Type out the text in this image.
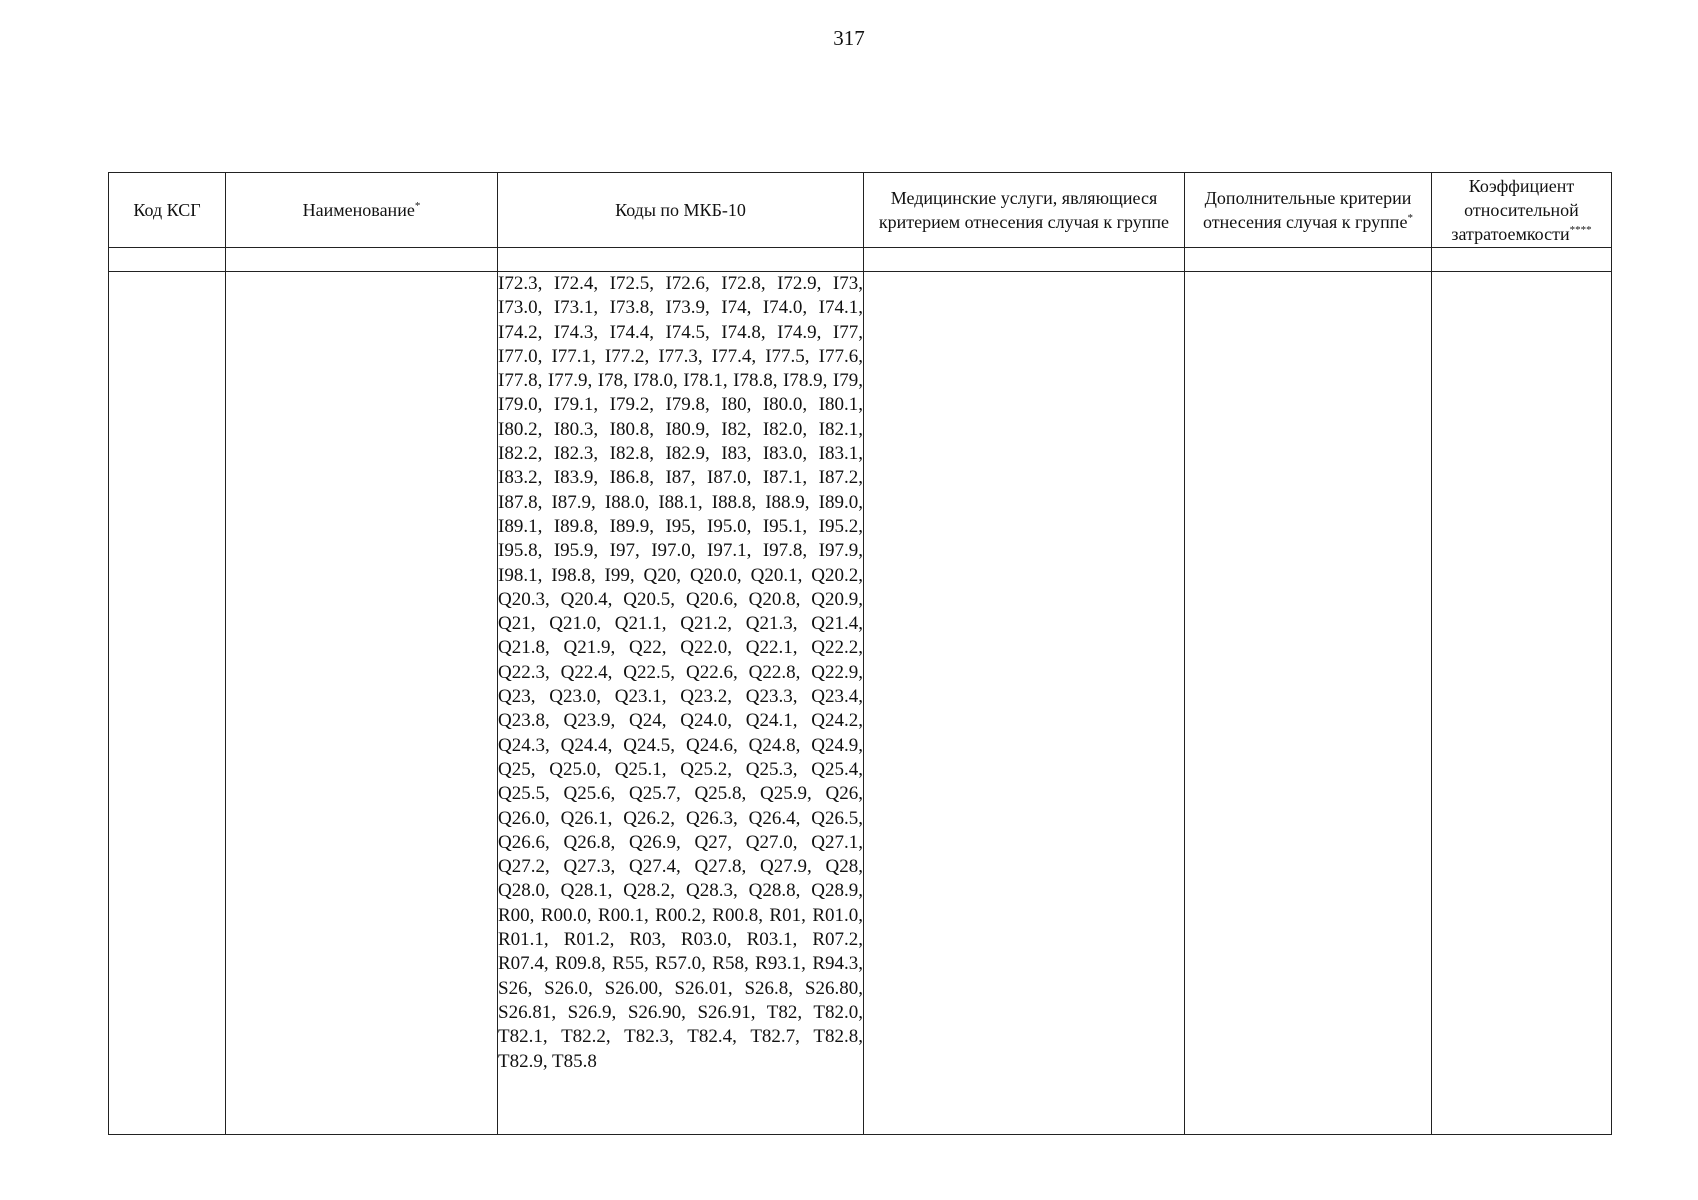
317
Код КСГ	Наименование*	Коды по МКБ-10	Медицинские услуги, являющиеся критерием отнесения случая к группе	Дополнительные критерии отнесения случая к группе*	Коэффициент относительной затратоемкости****

		I72.3, I72.4, I72.5, I72.6, I72.8, I72.9, I73, I73.0, I73.1, I73.8, I73.9, I74, I74.0, I74.1, I74.2, I74.3, I74.4, I74.5, I74.8, I74.9, I77, I77.0, I77.1, I77.2, I77.3, I77.4, I77.5, I77.6, I77.8, I77.9, I78, I78.0, I78.1, I78.8, I78.9, I79, I79.0, I79.1, I79.2, I79.8, I80, I80.0, I80.1, I80.2, I80.3, I80.8, I80.9, I82, I82.0, I82.1, I82.2, I82.3, I82.8, I82.9, I83, I83.0, I83.1, I83.2, I83.9, I86.8, I87, I87.0, I87.1, I87.2, I87.8, I87.9, I88.0, I88.1, I88.8, I88.9, I89.0, I89.1, I89.8, I89.9, I95, I95.0, I95.1, I95.2, I95.8, I95.9, I97, I97.0, I97.1, I97.8, I97.9, I98.1, I98.8, I99, Q20, Q20.0, Q20.1, Q20.2, Q20.3, Q20.4, Q20.5, Q20.6, Q20.8, Q20.9, Q21, Q21.0, Q21.1, Q21.2, Q21.3, Q21.4, Q21.8, Q21.9, Q22, Q22.0, Q22.1, Q22.2, Q22.3, Q22.4, Q22.5, Q22.6, Q22.8, Q22.9, Q23, Q23.0, Q23.1, Q23.2, Q23.3, Q23.4, Q23.8, Q23.9, Q24, Q24.0, Q24.1, Q24.2, Q24.3, Q24.4, Q24.5, Q24.6, Q24.8, Q24.9, Q25, Q25.0, Q25.1, Q25.2, Q25.3, Q25.4, Q25.5, Q25.6, Q25.7, Q25.8, Q25.9, Q26, Q26.0, Q26.1, Q26.2, Q26.3, Q26.4, Q26.5, Q26.6, Q26.8, Q26.9, Q27, Q27.0, Q27.1, Q27.2, Q27.3, Q27.4, Q27.8, Q27.9, Q28, Q28.0, Q28.1, Q28.2, Q28.3, Q28.8, Q28.9, R00, R00.0, R00.1, R00.2, R00.8, R01, R01.0, R01.1, R01.2, R03, R03.0, R03.1, R07.2, R07.4, R09.8, R55, R57.0, R58, R93.1, R94.3, S26, S26.0, S26.00, S26.01, S26.8, S26.80, S26.81, S26.9, S26.90, S26.91, T82, T82.0, T82.1, T82.2, T82.3, T82.4, T82.7, T82.8, T82.9, T85.8			
